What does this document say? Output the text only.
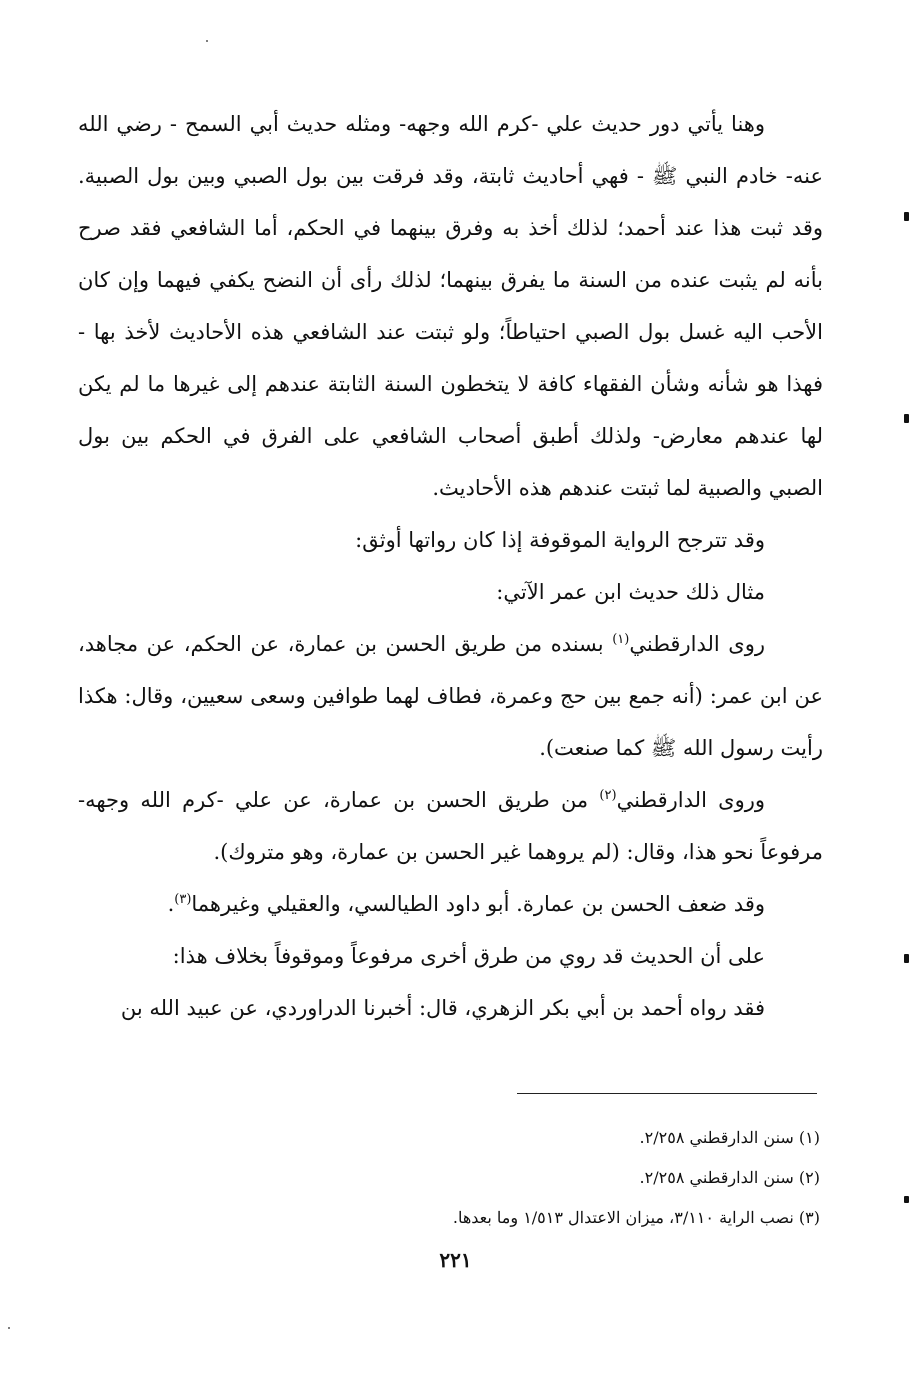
وهنا يأتي دور حديث علي -كرم الله وجهه- ومثله حديث أبي السمح - رضي الله عنه- خادم النبي ﷺ - فهي أحاديث ثابتة، وقد فرقت بين بول الصبي وبين بول الصبية. وقد ثبت هذا عند أحمد؛ لذلك أخذ به وفرق بينهما في الحكم، أما الشافعي فقد صرح بأنه لم يثبت عنده من السنة ما يفرق بينهما؛ لذلك رأى أن النضح يكفي فيهما وإن كان الأحب اليه غسل بول الصبي احتياطاً؛ ولو ثبتت عند الشافعي هذه الأحاديث لأخذ بها - فهذا هو شأنه وشأن الفقهاء كافة لا يتخطون السنة الثابتة عندهم إلى غيرها ما لم يكن لها عندهم معارض- ولذلك أطبق أصحاب الشافعي على الفرق في الحكم بين بول الصبي والصبية لما ثبتت عندهم هذه الأحاديث.

وقد تترجح الرواية الموقوفة إذا كان رواتها أوثق:

مثال ذلك حديث ابن عمر الآتي:

روى الدارقطني$^{(١)}$ بسنده من طريق الحسن بن عمارة، عن الحكم، عن مجاهد، عن ابن عمر: (أنه جمع بين حج وعمرة، فطاف لهما طوافين وسعى سعيين، وقال: هكذا رأيت رسول الله ﷺ كما صنعت).

وروى الدارقطني$^{(٢)}$ من طريق الحسن بن عمارة، عن علي -كرم الله وجهه- مرفوعاً نحو هذا، وقال: (لم يروهما غير الحسن بن عمارة، وهو متروك).

وقد ضعف الحسن بن عمارة. أبو داود الطيالسي، والعقيلي وغيرهما$^{(٣)}$.

على أن الحديث قد روي من طرق أخرى مرفوعاً وموقوفاً بخلاف هذا:

فقد رواه أحمد بن أبي بكر الزهري، قال: أخبرنا الدراوردي، عن عبيد الله بن

(١) سنن الدارقطني ٢/٢٥٨.

(٢) سنن الدارقطني ٢/٢٥٨.

(٣) نصب الراية ٣/١١٠، ميزان الاعتدال ١/٥١٣ وما بعدها.

٢٢١
